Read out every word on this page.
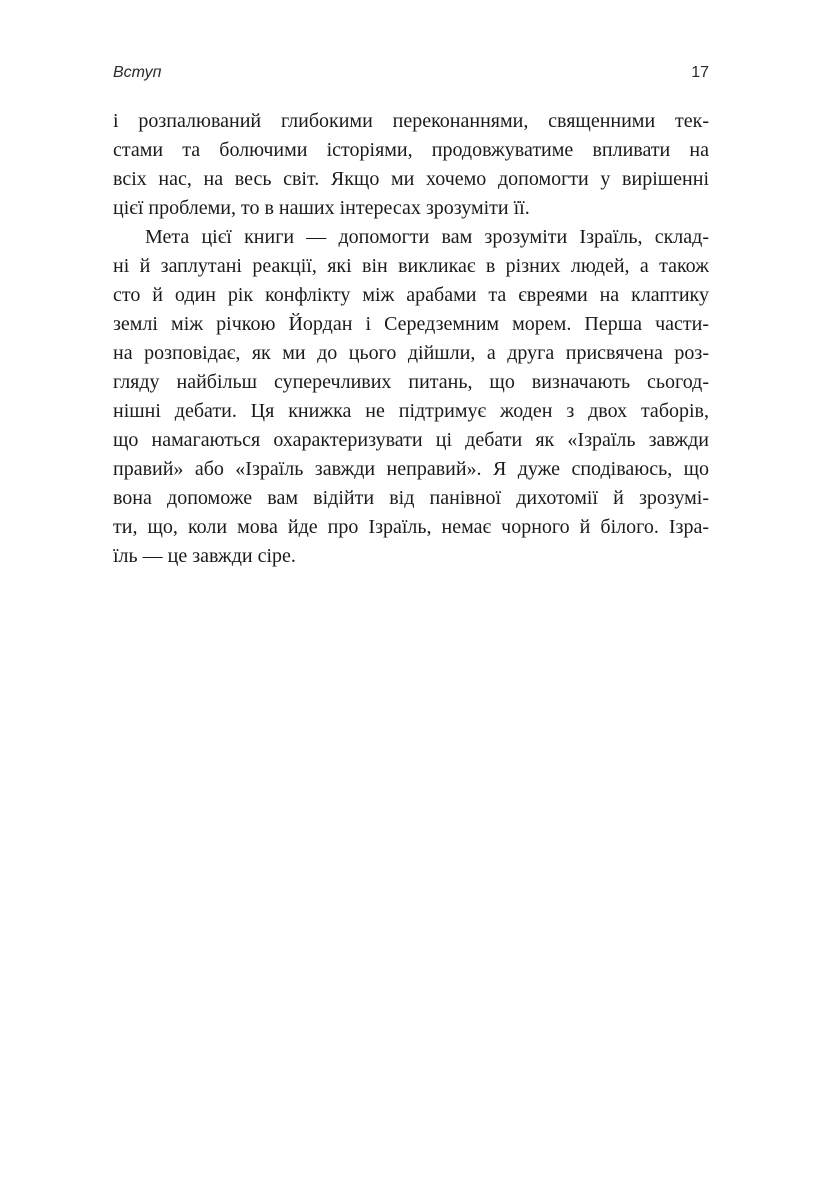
Вступ	17
і розпалюваний глибокими переконаннями, священними тек-
стами та болючими історіями, продовжуватиме впливати на
всіх нас, на весь світ. Якщо ми хочемо допомогти у вирішенні
цієї проблеми, то в наших інтересах зрозуміти її.
Мета цієї книги — допомогти вам зрозуміти Ізраїль, склад-
ні й заплутані реакції, які він викликає в різних людей, а також
сто й один рік конфлікту між арабами та євреями на клаптику
землі між річкою Йордан і Середземним морем. Перша части-
на розповідає, як ми до цього дійшли, а друга присвячена роз-
гляду найбільш суперечливих питань, що визначають сьогод-
нішні дебати. Ця книжка не підтримує жоден з двох таборів,
що намагаються охарактеризувати ці дебати як «Ізраїль завжди
правий» або «Ізраїль завжди неправий». Я дуже сподіваюсь, що
вона допоможе вам відійти від панівної дихотомії й зрозумі-
ти, що, коли мова йде про Ізраїль, немає чорного й білого. Ізра-
їль — це завжди сіре.
